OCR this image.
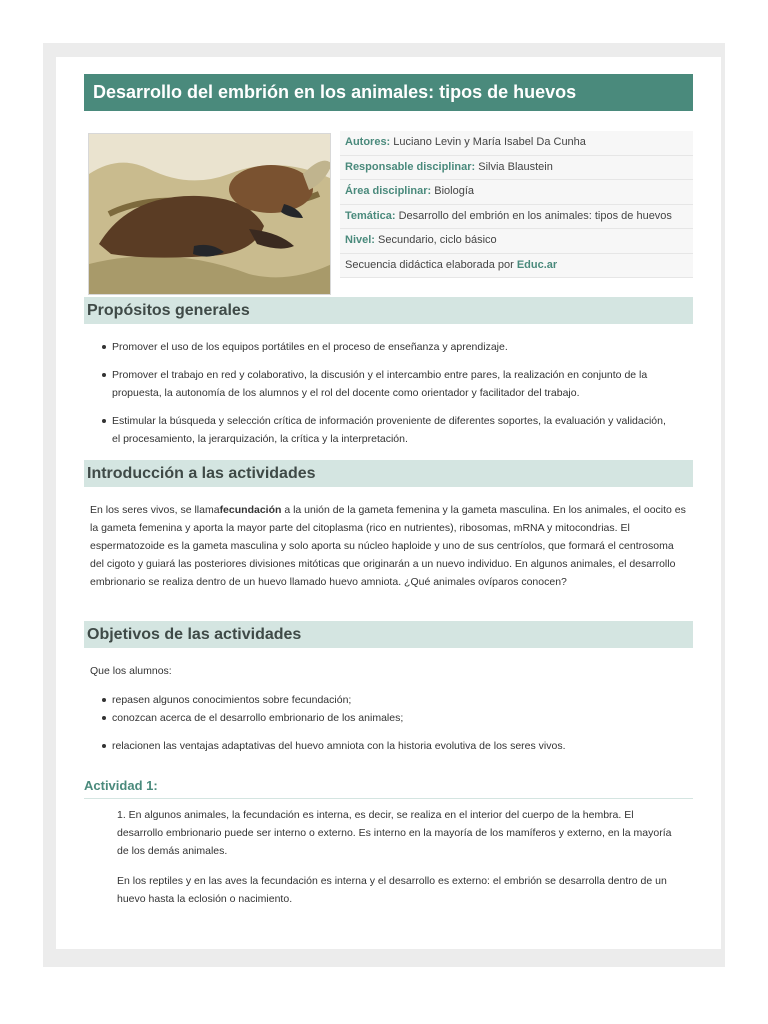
Desarrollo del embrión en los animales: tipos de huevos
Autores: Luciano Levin y María Isabel Da Cunha
Responsable disciplinar: Silvia Blaustein
Área disciplinar: Biología
Temática: Desarrollo del embrión en los animales: tipos de huevos
Nivel: Secundario, ciclo básico
Secuencia didáctica elaborada por Educ.ar
Propósitos generales
Promover el uso de los equipos portátiles en el proceso de enseñanza y aprendizaje.
Promover el trabajo en red y colaborativo, la discusión y el intercambio entre pares, la realización en conjunto de la propuesta, la autonomía de los alumnos y el rol del docente como orientador y facilitador del trabajo.
Estimular la búsqueda y selección crítica de información proveniente de diferentes soportes, la evaluación y validación, el procesamiento, la jerarquización, la crítica y la interpretación.
Introducción a las actividades
En los seres vivos, se llamafecundación a la unión de la gameta femenina y la gameta masculina. En los animales, el oocito es la gameta femenina y aporta la mayor parte del citoplasma (rico en nutrientes), ribosomas, mRNA y mitocondrias. El espermatozoide es la gameta masculina y solo aporta su núcleo haploide y uno de sus centríolos, que formará el centrosoma del cigoto y guiará las posteriores divisiones mitóticas que originarán a un nuevo individuo. En algunos animales, el desarrollo embrionario se realiza dentro de un huevo llamado huevo amniota. ¿Qué animales ovíparos conocen?
Objetivos de las actividades
Que los alumnos:
repasen algunos conocimientos sobre fecundación;
conozcan acerca de el desarrollo embrionario de los animales;
relacionen las ventajas adaptativas del huevo amniota con la historia evolutiva de los seres vivos.
Actividad 1:
1. En algunos animales, la fecundación es interna, es decir, se realiza en el interior del cuerpo de la hembra. El desarrollo embrionario puede ser interno o externo. Es interno en la mayoría de los mamíferos y externo, en la mayoría de los demás animales.
En los reptiles y en las aves la fecundación es interna y el desarrollo es externo: el embrión se desarrolla dentro de un huevo hasta la eclosión o nacimiento.
